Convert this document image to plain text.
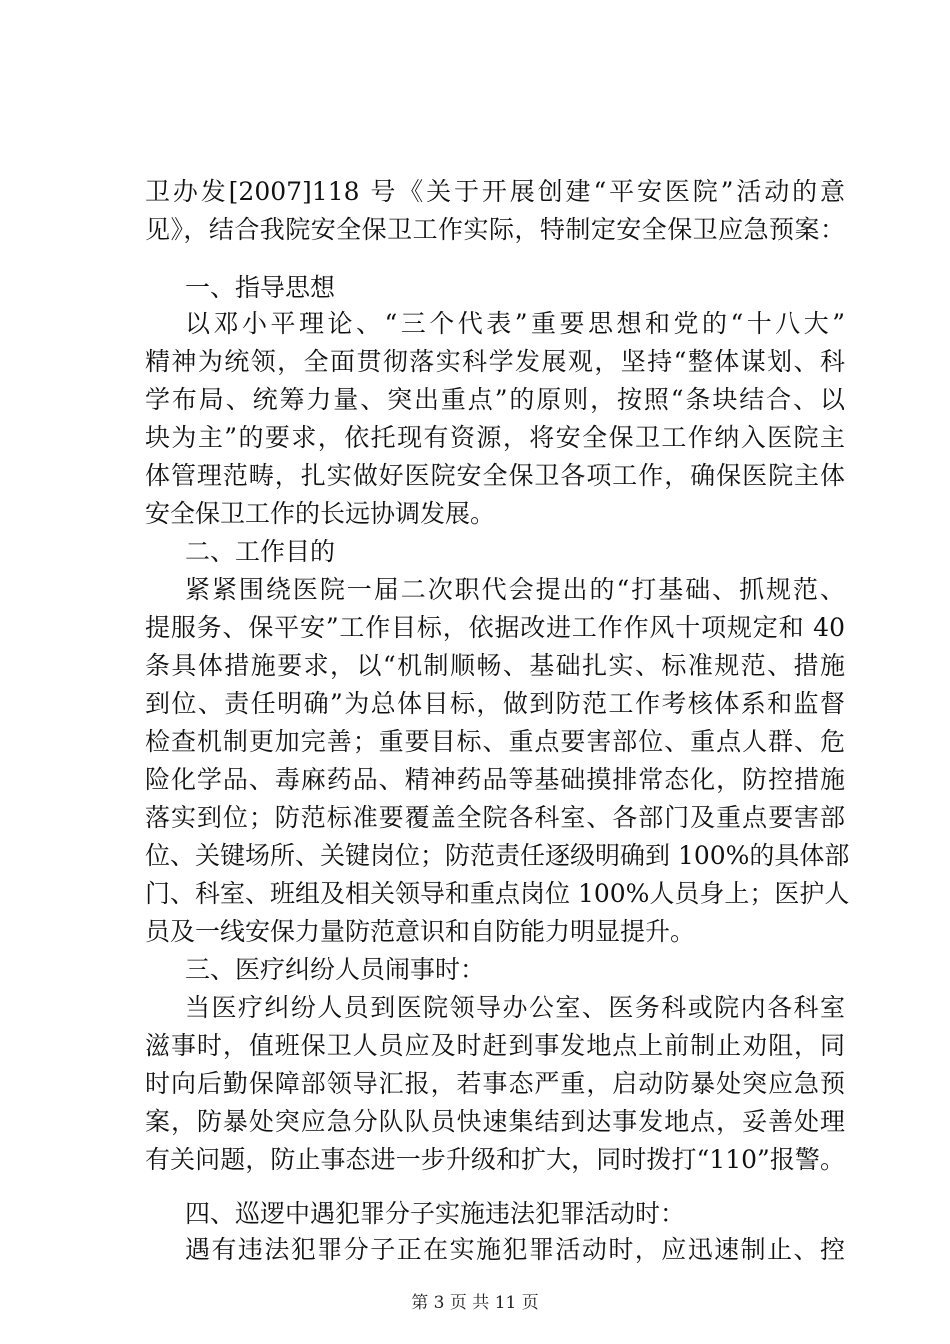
卫办发[2007]118 号《关于开展创建“平安医院”活动的意
见》，结合我院安全保卫工作实际，特制定安全保卫应急预案：
一、指导思想
以邓小平理论、“三个代表”重要思想和党的“十八大”
精神为统领，全面贯彻落实科学发展观，坚持“整体谋划、科
学布局、统筹力量、突出重点”的原则，按照“条块结合、以
块为主”的要求，依托现有资源，将安全保卫工作纳入医院主
体管理范畴，扎实做好医院安全保卫各项工作，确保医院主体
安全保卫工作的长远协调发展。
二、工作目的
紧紧围绕医院一届二次职代会提出的“打基础、抓规范、
提服务、保平安”工作目标，依据改进工作作风十项规定和 40
条具体措施要求，以“机制顺畅、基础扎实、标准规范、措施
到位、责任明确”为总体目标，做到防范工作考核体系和监督
检查机制更加完善；重要目标、重点要害部位、重点人群、危
险化学品、毒麻药品、精神药品等基础摸排常态化，防控措施
落实到位；防范标准要覆盖全院各科室、各部门及重点要害部
位、关键场所、关键岗位；防范责任逐级明确到 100%的具体部
门、科室、班组及相关领导和重点岗位 100%人员身上；医护人
员及一线安保力量防范意识和自防能力明显提升。
三、医疗纠纷人员闹事时：
当医疗纠纷人员到医院领导办公室、医务科或院内各科室
滋事时，值班保卫人员应及时赶到事发地点上前制止劝阻，同
时向后勤保障部领导汇报，若事态严重，启动防暴处突应急预
案，防暴处突应急分队队员快速集结到达事发地点，妥善处理
有关问题，防止事态进一步升级和扩大，同时拨打“110”报警。
四、巡逻中遇犯罪分子实施违法犯罪活动时：
遇有违法犯罪分子正在实施犯罪活动时，应迅速制止、控
第 3 页 共 11 页
